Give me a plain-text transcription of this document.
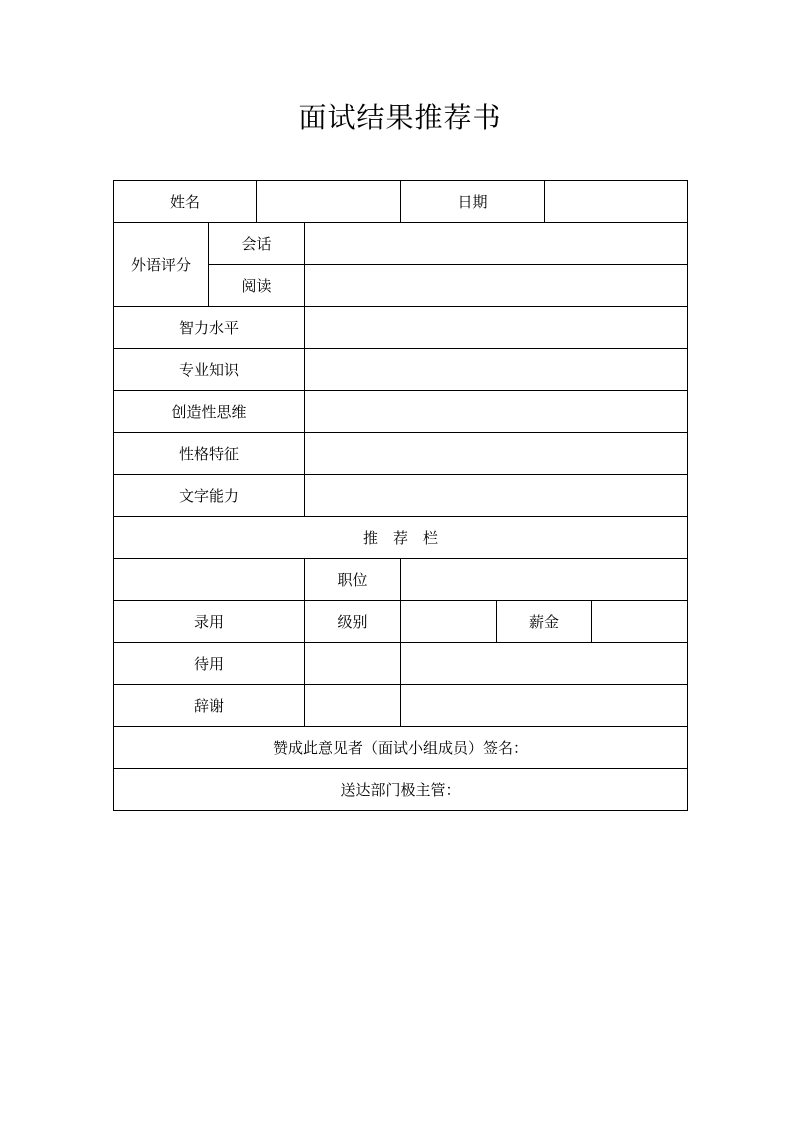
面试结果推荐书
姓名				日期			
外语评分	会话						
	阅读						
智力水平							
专业知识							
创造性思维							
性格特征							
文字能力							
推　荐　栏							
			职位				
录用			级别		薪金		
待用							
辞谢							
赞成此意见者（面试小组成员）签名：							
送达部门极主管：							
